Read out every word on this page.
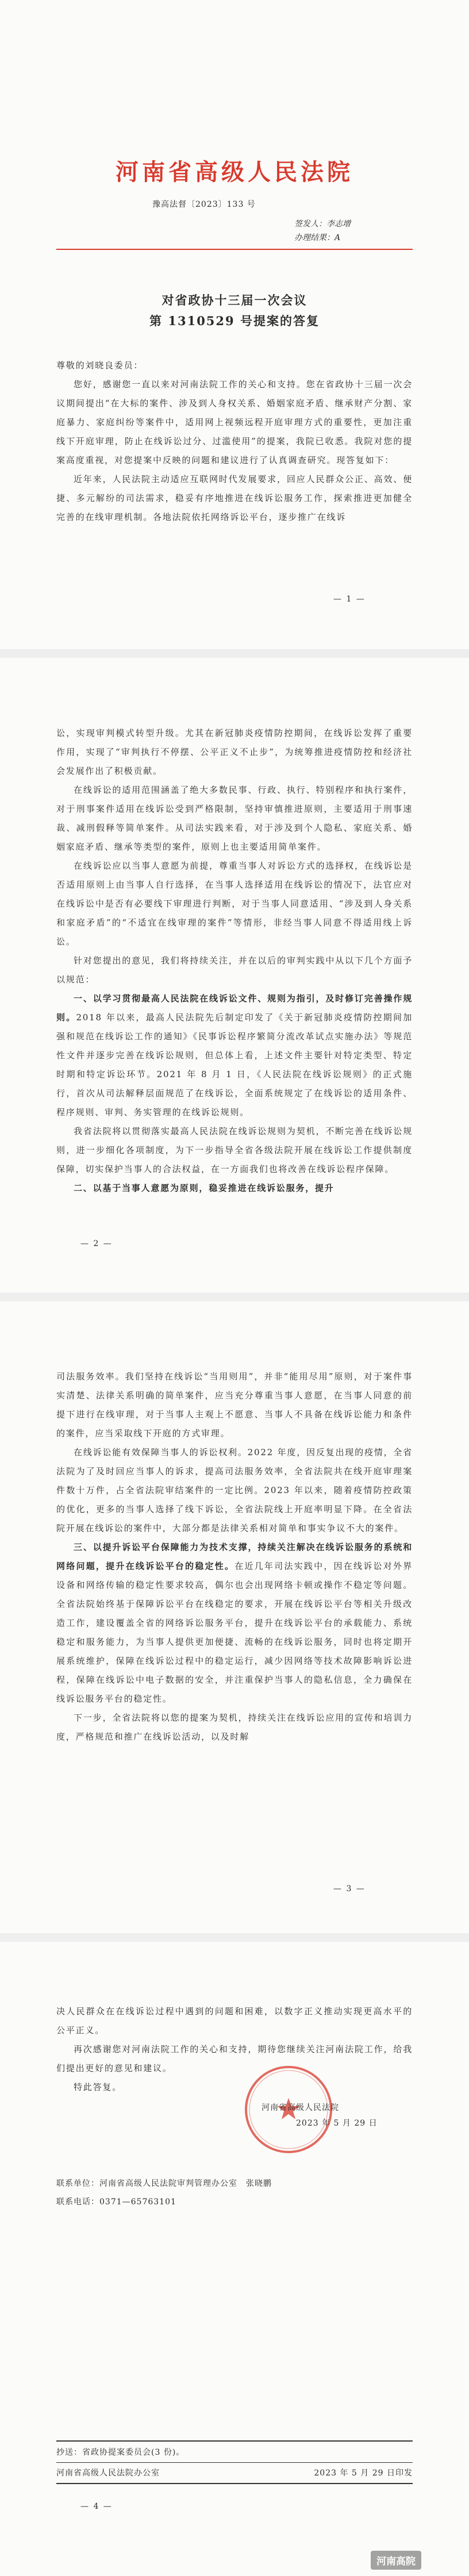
河南省高级人民法院
豫高法督〔2023〕133 号
签发人：李志增
办理结果：A
对省政协十三届一次会议
第 1310529 号提案的答复

尊敬的刘晓良委员：

您好，感谢您一直以来对河南法院工作的关心和支持。您在省政协十三届一次会议期间提出“在大标的案件、涉及到人身权关系、婚姻家庭矛盾、继承财产分割、家庭暴力、家庭纠纷等案件中，适用网上视频远程开庭审理方式的重要性，更加注重线下开庭审理，防止在线诉讼过分、过滥使用”的提案，我院已收悉。我院对您的提案高度重视，对您提案中反映的问题和建议进行了认真调查研究。现答复如下：

近年来，人民法院主动适应互联网时代发展要求，回应人民群众公正、高效、便捷、多元解纷的司法需求，稳妥有序地推进在线诉讼服务工作，探索推进更加健全完善的在线审理机制。各地法院依托网络诉讼平台，逐步推广在线诉

— 1 —

讼，实现审判模式转型升级。尤其在新冠肺炎疫情防控期间，在线诉讼发挥了重要作用，实现了“审判执行不停摆、公平正义不止步”，为统筹推进疫情防控和经济社会发展作出了积极贡献。

在线诉讼的适用范围涵盖了绝大多数民事、行政、执行、特别程序和执行案件，对于刑事案件适用在线诉讼受到严格限制，坚持审慎推进原则，主要适用于刑事速裁、减刑假释等简单案件。从司法实践来看，对于涉及到个人隐私、家庭关系、婚姻家庭矛盾、继承等类型的案件，原则上也主要适用简单案件。

在线诉讼应以当事人意愿为前提，尊重当事人对诉讼方式的选择权，在线诉讼是否适用原则上由当事人自行选择，在当事人选择适用在线诉讼的情况下，法官应对在线诉讼中是否有必要线下审理进行判断，对于当事人同意适用、“涉及到人身关系和家庭矛盾”的“不适宜在线审理的案件”等情形，非经当事人同意不得适用线上诉讼。

针对您提出的意见，我们将持续关注，并在以后的审判实践中从以下几个方面予以规范：

一、以学习贯彻最高人民法院在线诉讼文件、规则为指引，及时修订完善操作规则。2018 年以来，最高人民法院先后制定印发了《关于新冠肺炎疫情防控期间加强和规范在线诉讼工作的通知》《民事诉讼程序繁简分流改革试点实施办法》等规范性文件并逐步完善在线诉讼规则，但总体上看，上述文件主要针对特定类型、特定时期和特定诉讼环节。2021 年 8 月 1 日，《人民法院在线诉讼规则》的正式施行，首次从司法解释层面规范了在线诉讼，全面系统规定了在线诉讼的适用条件、程序规则、审判、务实管理的在线诉讼规则。

我省法院将以贯彻落实最高人民法院在线诉讼规则为契机，不断完善在线诉讼规则，进一步细化各项制度，为下一步指导全省各级法院开展在线诉讼工作提供制度保障，切实保护当事人的合法权益，在一方面我们也将改善在线诉讼程序保障。

二、以基于当事人意愿为原则，稳妥推进在线诉讼服务，提升

— 2 —

司法服务效率。我们坚持在线诉讼“当用则用”，并非“能用尽用”原则，对于案件事实清楚、法律关系明确的简单案件，应当充分尊重当事人意愿，在当事人同意的前提下进行在线审理，对于当事人主观上不愿意、当事人不具备在线诉讼能力和条件的案件，应当采取线下开庭的方式审理。

在线诉讼能有效保障当事人的诉讼权利。2022 年度，因反复出现的疫情，全省法院为了及时回应当事人的诉求，提高司法服务效率，全省法院共在线开庭审理案件数十万件，占全省法院审结案件的一定比例。2023 年以来，随着疫情防控政策的优化，更多的当事人选择了线下诉讼，全省法院线上开庭率明显下降。在全省法院开展在线诉讼的案件中，大部分都是法律关系相对简单和事实争议不大的案件。

三、以提升诉讼平台保障能力为技术支撑，持续关注解决在线诉讼服务的系统和网络问题，提升在线诉讼平台的稳定性。在近几年司法实践中，因在线诉讼对外界设备和网络传输的稳定性要求较高，偶尔也会出现网络卡顿或操作不稳定等问题。全省法院始终基于保障诉讼平台在线稳定的要求，开展在线诉讼平台等相关升级改造工作，建设覆盖全省的网络诉讼服务平台，提升在线诉讼平台的承载能力、系统稳定和服务能力，为当事人提供更加便捷、流畅的在线诉讼服务，同时也将定期开展系统维护，保障在线诉讼过程中的稳定运行，减少因网络等技术故障影响诉讼进程，保障在线诉讼中电子数据的安全，并注重保护当事人的隐私信息，全力确保在线诉讼服务平台的稳定性。

下一步，全省法院将以您的提案为契机，持续关注在线诉讼应用的宣传和培训力度，严格规范和推广在线诉讼活动，以及时解

— 3 —

决人民群众在在线诉讼过程中遇到的问题和困难，以数字正义推动实现更高水平的公平正义。

再次感谢您对河南法院工作的关心和支持，期待您继续关注河南法院工作，给我们提出更好的意见和建议。

特此答复。

河南省高级人民法院
2023 年 5 月 29 日
联系单位：河南省高级人民法院审判管理办公室　张晓鹏
联系电话：0371—65763101
抄送：省政协提案委员会(3 份)。
河南省高级人民法院办公室	2023 年 5 月 29 日印发
— 4 —
河南高院
